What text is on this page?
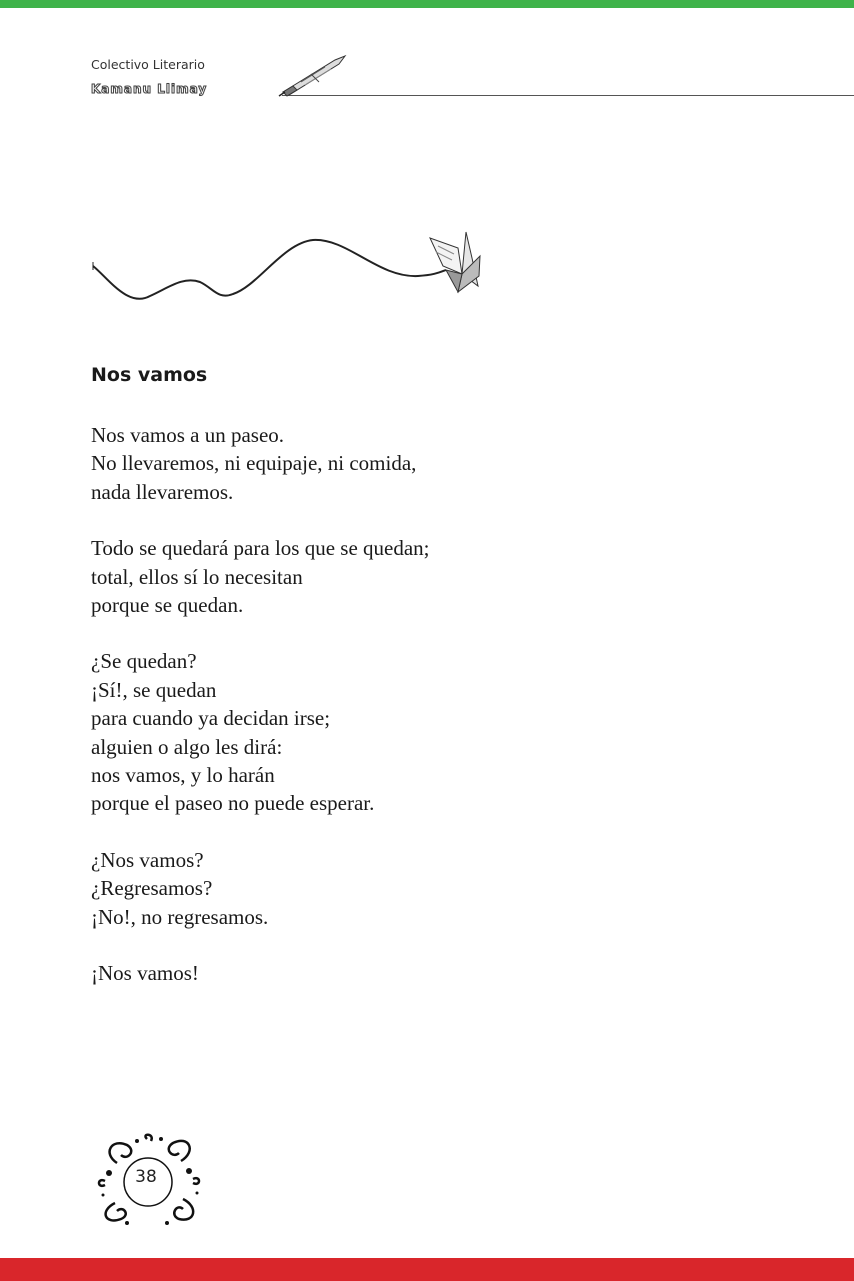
Colectivo Literario
Kamanu Llimay
Nos vamos

Nos vamos a un paseo.
No llevaremos, ni equipaje, ni comida,
nada llevaremos.

Todo se quedará para los que se quedan;
total, ellos sí lo necesitan
porque se quedan.

¿Se quedan?
¡Sí!, se quedan
para cuando ya decidan irse;
alguien o algo les dirá:
nos vamos, y lo harán
porque el paseo no puede esperar.

¿Nos vamos?
¿Regresamos?
¡No!, no regresamos.

¡Nos vamos!

38
